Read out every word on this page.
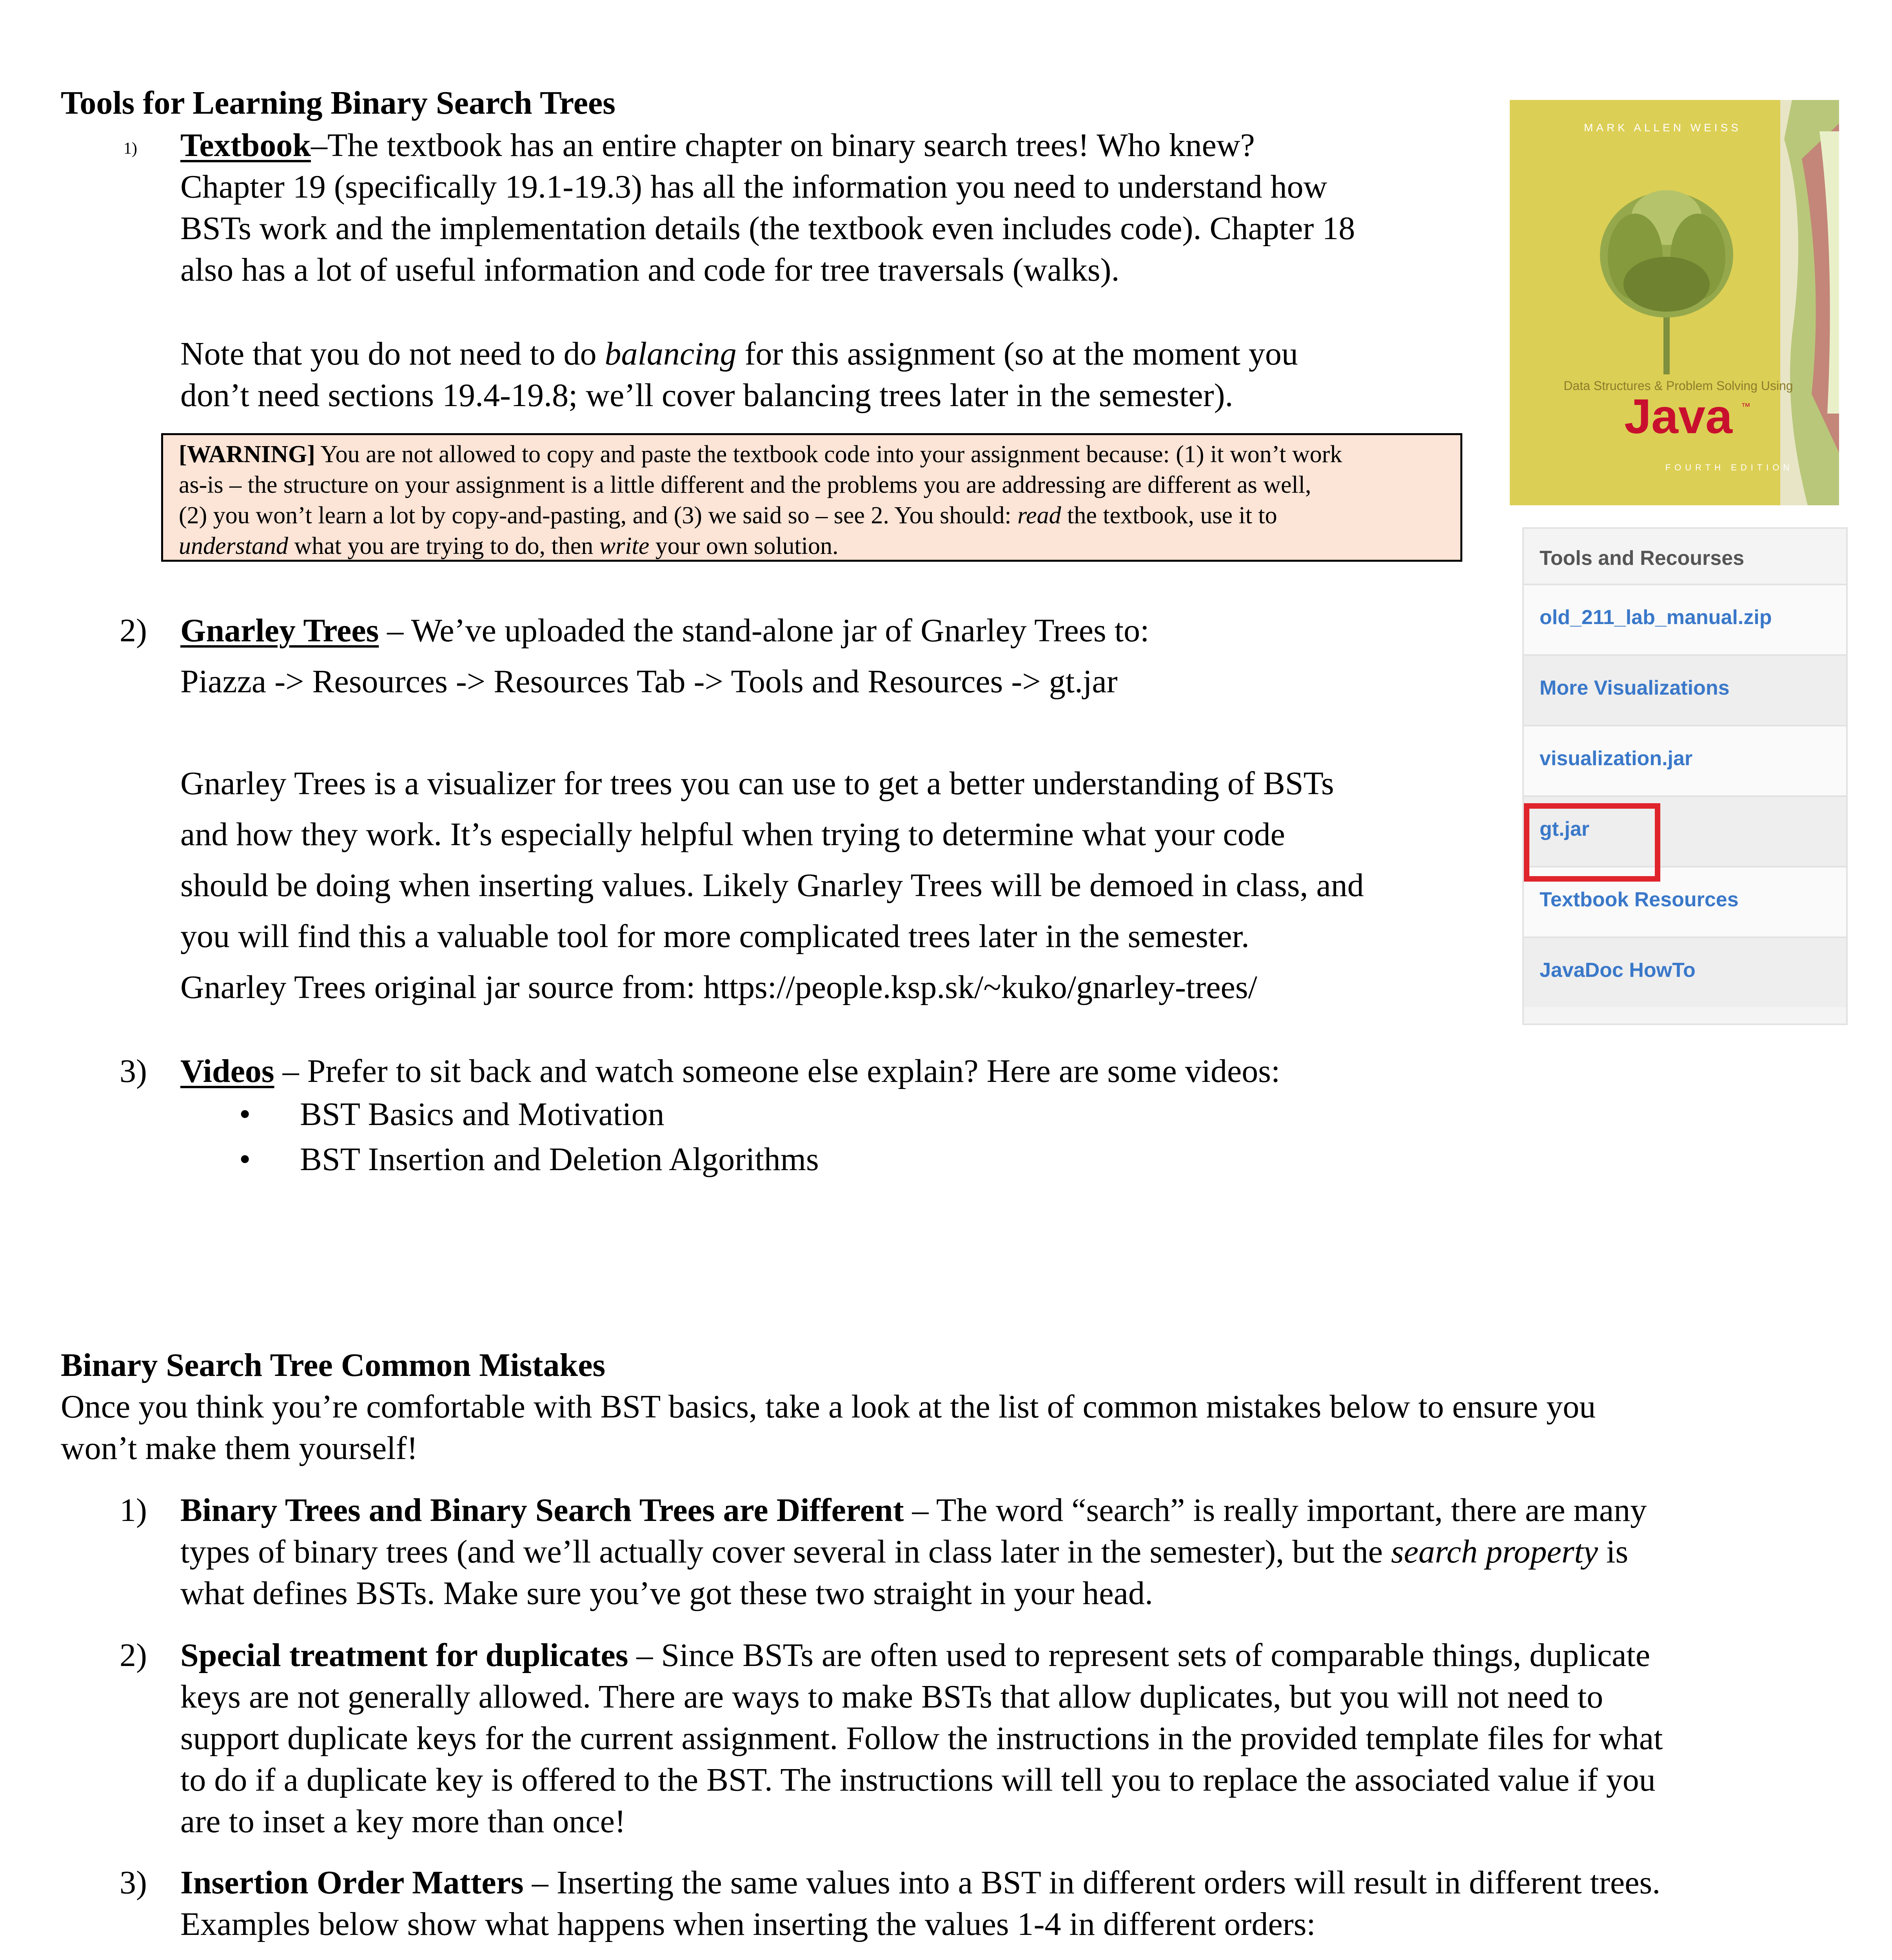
Tools for Learning Binary Search Trees
1) Textbook–The textbook has an entire chapter on binary search trees! Who knew?
Chapter 19 (specifically 19.1-19.3) has all the information you need to understand how
BSTs work and the implementation details (the textbook even includes code). Chapter 18
also has a lot of useful information and code for tree traversals (walks).
Note that you do not need to do balancing for this assignment (so at the moment you
don’t need sections 19.4-19.8; we’ll cover balancing trees later in the semester).
[WARNING] You are not allowed to copy and paste the textbook code into your assignment because: (1) it won’t work
as-is – the structure on your assignment is a little different and the problems you are addressing are different as well,
(2) you won’t learn a lot by copy-and-pasting, and (3) we said so – see 2. You should: read the textbook, use it to
understand what you are trying to do, then write your own solution.
2) Gnarley Trees – We’ve uploaded the stand-alone jar of Gnarley Trees to:
Piazza -> Resources -> Resources Tab -> Tools and Resources -> gt.jar
Gnarley Trees is a visualizer for trees you can use to get a better understanding of BSTs
and how they work. It’s especially helpful when trying to determine what your code
should be doing when inserting values. Likely Gnarley Trees will be demoed in class, and
you will find this a valuable tool for more complicated trees later in the semester.
Gnarley Trees original jar source from: https://people.ksp.sk/~kuko/gnarley-trees/
3) Videos – Prefer to sit back and watch someone else explain? Here are some videos:
• BST Basics and Motivation
• BST Insertion and Deletion Algorithms
MARK ALLEN WEISS
Data Structures & Problem Solving Using
Java ™
FOURTH EDITION
Tools and Recourses
old_211_lab_manual.zip
More Visualizations
visualization.jar
gt.jar
Textbook Resources
JavaDoc HowTo
Binary Search Tree Common Mistakes
Once you think you’re comfortable with BST basics, take a look at the list of common mistakes below to ensure you
won’t make them yourself!
1) Binary Trees and Binary Search Trees are Different – The word “search” is really important, there are many
types of binary trees (and we’ll actually cover several in class later in the semester), but the search property is
what defines BSTs. Make sure you’ve got these two straight in your head.
2) Special treatment for duplicates – Since BSTs are often used to represent sets of comparable things, duplicate
keys are not generally allowed. There are ways to make BSTs that allow duplicates, but you will not need to
support duplicate keys for the current assignment. Follow the instructions in the provided template files for what
to do if a duplicate key is offered to the BST. The instructions will tell you to replace the associated value if you
are to inset a key more than once!
3) Insertion Order Matters – Inserting the same values into a BST in different orders will result in different trees.
Examples below show what happens when inserting the values 1-4 in different orders:
